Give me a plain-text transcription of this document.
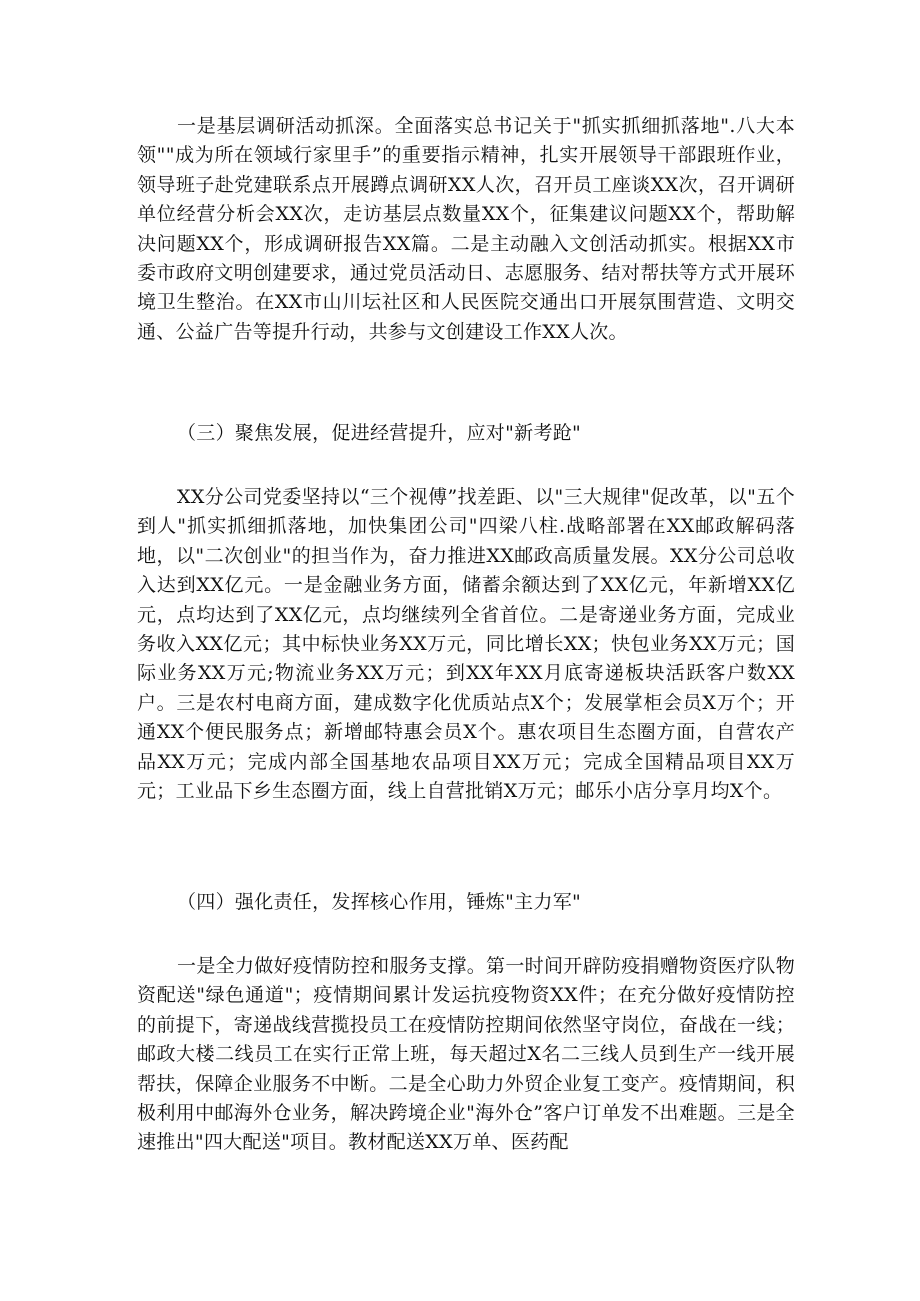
一是基层调研活动抓深。全面落实总书记关于"抓实抓细抓落地".八大本领""成为所在领域行家里手”的重要指示精神，扎实开展领导干部跟班作业，领导班子赴党建联系点开展蹲点调研XX人次，召开员工座谈XX次，召开调研单位经营分析会XX次，走访基层点数量XX个，征集建议问题XX个，帮助解决问题XX个，形成调研报告XX篇。二是主动融入文创活动抓实。根据XX市委市政府文明创建要求，通过党员活动日、志愿服务、结对帮扶等方式开展环境卫生整治。在XX市山川坛社区和人民医院交通出口开展氛围营造、文明交通、公益广告等提升行动，共参与文创建设工作XX人次。

（三）聚焦发展，促进经营提升，应对"新考跄"

XX分公司党委坚持以“三个视傅”找差距、以"三大规律"促改革，以"五个到人"抓实抓细抓落地，加快集团公司"四梁八柱.战略部署在XX邮政解码落地，以"二次创业"的担当作为，奋力推进XX邮政高质量发展。XX分公司总收入达到XX亿元。一是金融业务方面，储蓄余额达到了XX亿元，年新增XX亿元，点均达到了XX亿元，点均继续列全省首位。二是寄递业务方面，完成业务收入XX亿元；其中标快业务XX万元，同比增长XX；快包业务XX万元；国际业务XX万元;物流业务XX万元；到XX年XX月底寄递板块活跃客户数XX户。三是农村电商方面，建成数字化优质站点X个；发展掌柜会员X万个；开通XX个便民服务点；新增邮特惠会员X个。惠农项目生态圈方面，自营农产品XX万元；完成内部全国基地农品项目XX万元；完成全国精品项目XX万元；工业品下乡生态圈方面，线上自营批销X万元；邮乐小店分享月均X个。

（四）强化责任，发挥核心作用，锤炼"主力军"

一是全力做好疫情防控和服务支撑。第一时间开辟防疫捐赠物资医疗队物资配送"绿色通道"；疫情期间累计发运抗疫物资XX件；在充分做好疫情防控的前提下，寄递战线营揽投员工在疫情防控期间依然坚守岗位，奋战在一线；邮政大楼二线员工在实行正常上班，每天超过X名二三线人员到生产一线开展帮扶，保障企业服务不中断。二是全心助力外贸企业复工变产。疫情期间，积极利用中邮海外仓业务，解决跨境企业"海外仓”客户订单发不出难题。三是全速推出"四大配送"项目。教材配送XX万单、医药配
